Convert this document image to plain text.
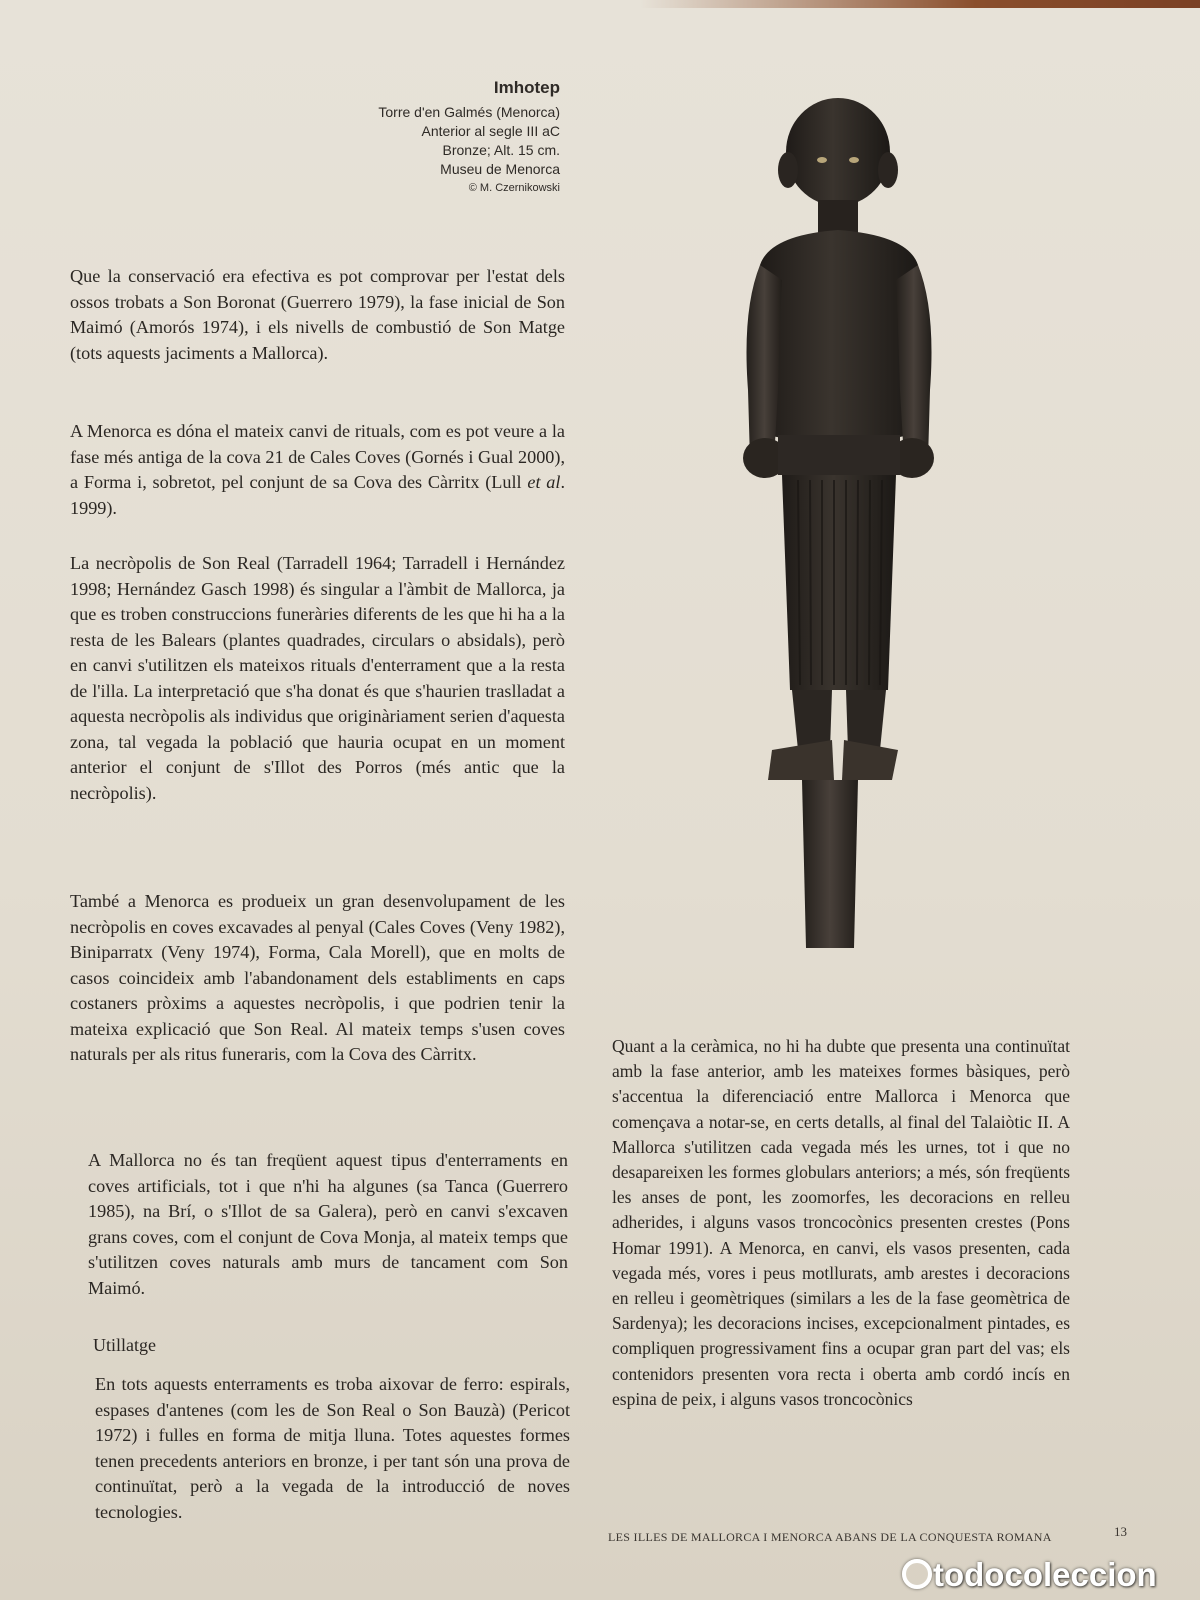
Imhotep
Torre d'en Galmés (Menorca)
Anterior al segle III aC
Bronze; Alt. 15 cm.
Museu de Menorca
© M. Czernikowski

Que la conservació era efectiva es pot comprovar per l'estat dels ossos trobats a Son Boronat (Guerrero 1979), la fase inicial de Son Maimó (Amorós 1974), i els nivells de combustió de Son Matge (tots aquests jaciments a Mallorca).

A Menorca es dóna el mateix canvi de rituals, com es pot veure a la fase més antiga de la cova 21 de Cales Coves (Gornés i Gual 2000), a Forma i, sobretot, pel conjunt de sa Cova des Càrritx (Lull et al. 1999).

La necròpolis de Son Real (Tarradell 1964; Tarradell i Hernández 1998; Hernández Gasch 1998) és singular a l'àmbit de Mallorca, ja que es troben construccions funeràries diferents de les que hi ha a la resta de les Balears (plantes quadrades, circulars o absidals), però en canvi s'utilitzen els mateixos rituals d'enterrament que a la resta de l'illa. La interpretació que s'ha donat és que s'haurien traslladat a aquesta necròpolis als individus que originàriament serien d'aquesta zona, tal vegada la població que hauria ocupat en un moment anterior el conjunt de s'Illot des Porros (més antic que la necròpolis).

També a Menorca es produeix un gran desenvolupament de les necròpolis en coves excavades al penyal (Cales Coves (Veny 1982), Biniparratx (Veny 1974), Forma, Cala Morell), que en molts de casos coincideix amb l'abandonament dels establiments en caps costaners pròxims a aquestes necròpolis, i que podrien tenir la mateixa explicació que Son Real. Al mateix temps s'usen coves naturals per als ritus funeraris, com la Cova des Càrritx.

A Mallorca no és tan freqüent aquest tipus d'enterraments en coves artificials, tot i que n'hi ha algunes (sa Tanca (Guerrero 1985), na Brí, o s'Illot de sa Galera), però en canvi s'excaven grans coves, com el conjunt de Cova Monja, al mateix temps que s'utilitzen coves naturals amb murs de tancament com Son Maimó.

Utillatge

En tots aquests enterraments es troba aixovar de ferro: espirals, espases d'antenes (com les de Son Real o Son Bauzà) (Pericot 1972) i fulles en forma de mitja lluna. Totes aquestes formes tenen precedents anteriors en bronze, i per tant són una prova de continuïtat, però a la vegada de la introducció de noves tecnologies.

Quant a la ceràmica, no hi ha dubte que presenta una continuïtat amb la fase anterior, amb les mateixes formes bàsiques, però s'accentua la diferenciació entre Mallorca i Menorca que començava a notar-se, en certs detalls, al final del Talaiòtic II. A Mallorca s'utilitzen cada vegada més les urnes, tot i que no desapareixen les formes globulars anteriors; a més, són freqüents les anses de pont, les zoomorfes, les decoracions en relleu adherides, i alguns vasos troncocònics presenten crestes (Pons Homar 1991). A Menorca, en canvi, els vasos presenten, cada vegada més, vores i peus motllurats, amb arestes i decoracions en relleu i geomètriques (similars a les de la fase geomètrica de Sardenya); les decoracions incises, excepcionalment pintades, es compliquen progressivament fins a ocupar gran part del vas; els contenidors presenten vora recta i oberta amb cordó incís en espina de peix, i alguns vasos troncocònics

LES ILLES DE MALLORCA I MENORCA ABANS DE LA CONQUESTA ROMANA	13
todocoleccion
